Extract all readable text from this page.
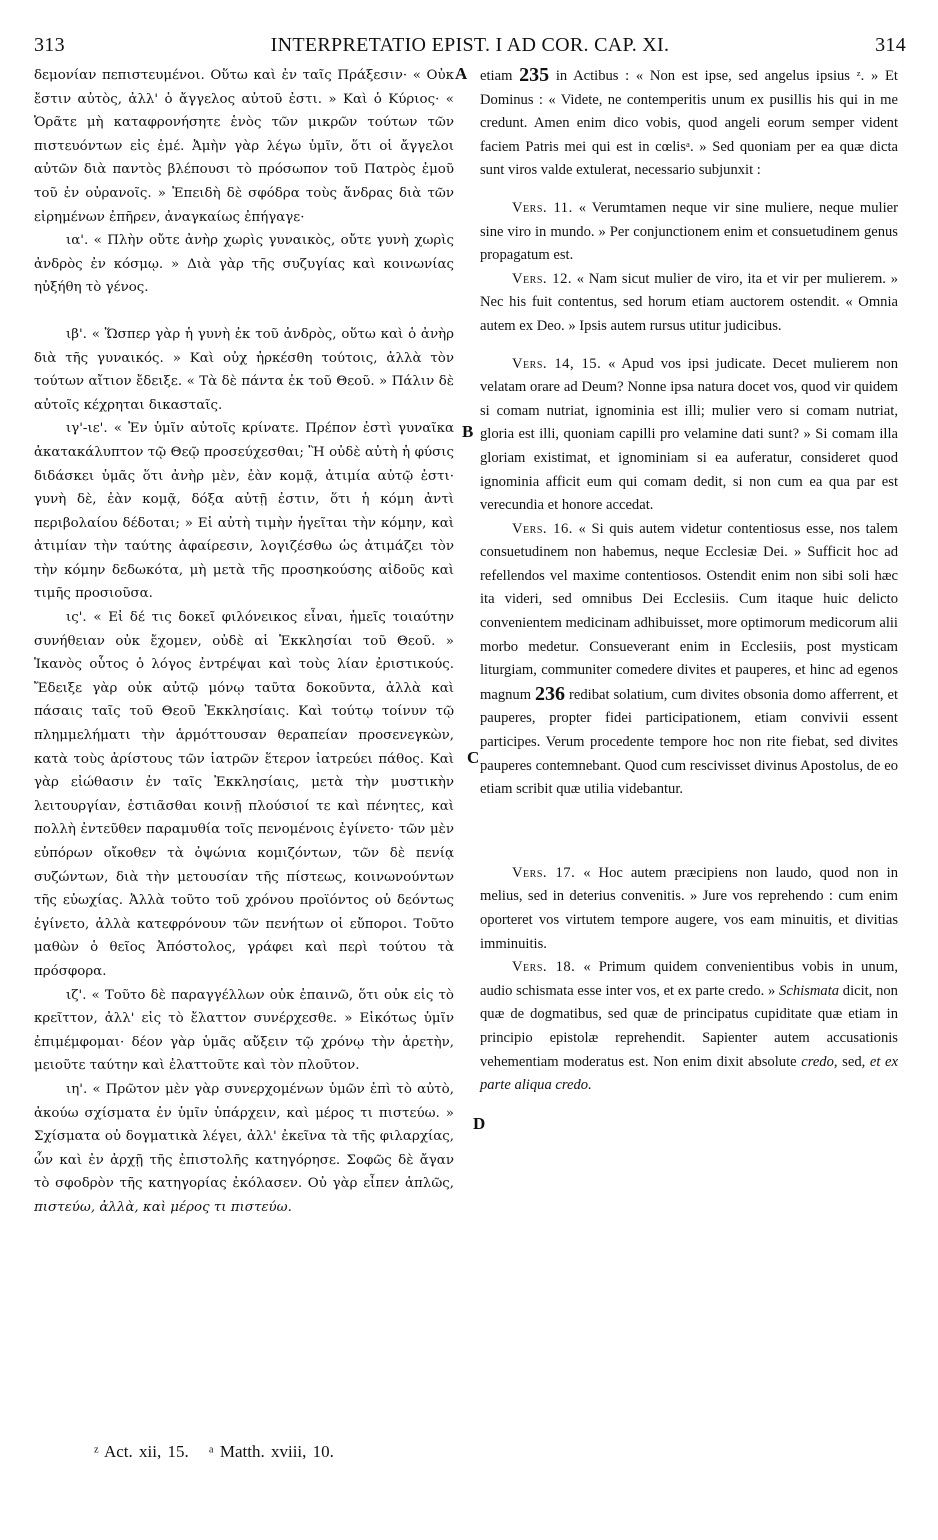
313	INTERPRETATIO EPIST. I AD COR. CAP. XI.	314

δεμονίαν πεπιστευμένοι. Οὕτω καὶ ἐν ταῖς Πράξεσιν· « Οὐκ ἔστιν αὐτὸς, ἀλλ' ὁ ἄγγελος αὐτοῦ ἐστι. » Καὶ ὁ Κύριος· « Ὁρᾶτε μὴ καταφρονήσητε ἑνὸς τῶν μικρῶν τούτων τῶν πιστευόντων εἰς ἐμέ. Ἀμὴν γὰρ λέγω ὑμῖν, ὅτι οἱ ἄγγελοι αὐτῶν διὰ παντὸς βλέπουσι τὸ πρόσωπον τοῦ Πατρὸς ἐμοῦ τοῦ ἐν οὐρανοῖς. » Ἐπειδὴ δὲ σφόδρα τοὺς ἄνδρας διὰ τῶν εἰρημένων ἐπῆρεν, ἀναγκαίως ἐπήγαγε·

ια'. « Πλὴν οὔτε ἀνὴρ χωρὶς γυναικὸς, οὔτε γυνὴ χωρὶς ἀνδρὸς ἐν κόσμῳ. » Διὰ γὰρ τῆς συζυγίας καὶ κοινωνίας ηὐξήθη τὸ γένος.

ιβ'. « Ὥσπερ γὰρ ἡ γυνὴ ἐκ τοῦ ἀνδρὸς, οὕτω καὶ ὁ ἀνὴρ διὰ τῆς γυναικός. » Καὶ οὐχ ἠρκέσθη τούτοις, ἀλλὰ τὸν τούτων αἴτιον ἔδειξε. « Τὰ δὲ πάντα ἐκ τοῦ Θεοῦ. » Πάλιν δὲ αὐτοῖς κέχρηται δικασταῖς.

ιγ'-ιε'. « Ἐν ὑμῖν αὐτοῖς κρίνατε. Πρέπον ἐστὶ γυναῖκα ἀκατακάλυπτον τῷ Θεῷ προσεύχεσθαι; Ἢ οὐδὲ αὐτὴ ἡ φύσις διδάσκει ὑμᾶς ὅτι ἀνὴρ μὲν, ἐὰν κομᾷ, ἀτιμία αὐτῷ ἐστι· γυνὴ δὲ, ἐὰν κομᾷ, δόξα αὐτῇ ἐστιν, ὅτι ἡ κόμη ἀντὶ περιβολαίου δέδοται; » Εἰ αὐτὴ τιμὴν ἡγεῖται τὴν κόμην, καὶ ἀτιμίαν τὴν ταύτης ἀφαίρεσιν, λογιζέσθω ὡς ἀτιμάζει τὸν τὴν κόμην δεδωκότα, μὴ μετὰ τῆς προσηκούσης αἰδοῦς καὶ τιμῆς προσιοῦσα.

ις'. « Εἰ δέ τις δοκεῖ φιλόνεικος εἶναι, ἡμεῖς τοιαύτην συνήθειαν οὐκ ἔχομεν, οὐδὲ αἱ Ἐκκλησίαι τοῦ Θεοῦ. » Ἱκανὸς οὗτος ὁ λόγος ἐντρέψαι καὶ τοὺς λίαν ἐριστικούς. Ἔδειξε γὰρ οὐκ αὐτῷ μόνῳ ταῦτα δοκοῦντα, ἀλλὰ καὶ πάσαις ταῖς τοῦ Θεοῦ Ἐκκλησίαις. Καὶ τούτῳ τοίνυν τῷ πλημμελήματι τὴν ἁρμόττουσαν θεραπείαν προσενεγκὼν, κατὰ τοὺς ἀρίστους τῶν ἰατρῶν ἕτερον ἰατρεύει πάθος. Καὶ γὰρ εἰώθασιν ἐν ταῖς Ἐκκλησίαις, μετὰ τὴν μυστικὴν λειτουργίαν, ἑστιᾶσθαι κοινῇ πλούσιοί τε καὶ πένητες, καὶ πολλὴ ἐντεῦθεν παραμυθία τοῖς πενομένοις ἐγίνετο· τῶν μὲν εὐπόρων οἴκοθεν τὰ ὀψώνια κομιζόντων, τῶν δὲ πενίᾳ συζώντων, διὰ τὴν μετουσίαν τῆς πίστεως, κοινωνούντων τῆς εὐωχίας. Ἀλλὰ τοῦτο τοῦ χρόνου προϊόντος οὐ δεόντως ἐγίνετο, ἀλλὰ κατεφρόνουν τῶν πενήτων οἱ εὔποροι. Τοῦτο μαθὼν ὁ θεῖος Ἀπόστολος, γράφει καὶ περὶ τούτου τὰ πρόσφορα.

ιζ'. « Τοῦτο δὲ παραγγέλλων οὐκ ἐπαινῶ, ὅτι οὐκ εἰς τὸ κρεῖττον, ἀλλ' εἰς τὸ ἔλαττον συνέρχεσθε. » Εἰκότως ὑμῖν ἐπιμέμφομαι· δέον γὰρ ὑμᾶς αὔξειν τῷ χρόνῳ τὴν ἀρετὴν, μειοῦτε ταύτην καὶ ἐλαττοῦτε καὶ τὸν πλοῦτον.

ιη'. « Πρῶτον μὲν γὰρ συνερχομένων ὑμῶν ἐπὶ τὸ αὐτὸ, ἀκούω σχίσματα ἐν ὑμῖν ὑπάρχειν, καὶ μέρος τι πιστεύω. » Σχίσματα οὐ δογματικὰ λέγει, ἀλλ' ἐκεῖνα τὰ τῆς φιλαρχίας, ὧν καὶ ἐν ἀρχῇ τῆς ἐπιστολῆς κατηγόρησε. Σοφῶς δὲ ἄγαν τὸ σφοδρὸν τῆς κατηγορίας ἐκόλασεν. Οὐ γὰρ εἶπεν ἁπλῶς, πιστεύω, ἀλλὰ, καὶ μέρος τι πιστεύω.

A
B
C
D

etiam 235 in Actibus : « Non est ipse, sed angelus ipsius ᶻ. » Et Dominus : « Videte, ne contemperitis unum ex pusillis his qui in me credunt. Amen enim dico vobis, quod angeli eorum semper vident faciem Patris mei qui est in cœlisᵃ. » Sed quoniam per ea quæ dicta sunt viros valde extulerat, necessario subjunxit :

Vers. 11. « Verumtamen neque vir sine muliere, neque mulier sine viro in mundo. » Per conjunctionem enim et consuetudinem genus propagatum est.

Vers. 12. « Nam sicut mulier de viro, ita et vir per mulierem. » Nec his fuit contentus, sed horum etiam auctorem ostendit. « Omnia autem ex Deo. » Ipsis autem rursus utitur judicibus.

Vers. 14, 15. « Apud vos ipsi judicate. Decet mulierem non velatam orare ad Deum? Nonne ipsa natura docet vos, quod vir quidem si comam nutriat, ignominia est illi; mulier vero si comam nutriat, gloria est illi, quoniam capilli pro velamine dati sunt? » Si comam illa gloriam existimat, et ignominiam si ea auferatur, consideret quod ignominia afficit eum qui comam dedit, si non cum ea qua par est verecundia et honore accedat.

Vers. 16. « Si quis autem videtur contentiosus esse, nos talem consuetudinem non habemus, neque Ecclesiæ Dei. » Sufficit hoc ad refellendos vel maxime contentiosos. Ostendit enim non sibi soli hæc ita videri, sed omnibus Dei Ecclesiis. Cum itaque huic delicto convenientem medicinam adhibuisset, more optimorum medicorum alii morbo medetur. Consueverant enim in Ecclesiis, post mysticam liturgiam, communiter comedere divites et pauperes, et hinc ad egenos magnum 236 redibat solatium, cum divites obsonia domo afferrent, et pauperes, propter fidei participationem, etiam convivii essent participes. Verum procedente tempore hoc non rite fiebat, sed divites pauperes contemnebant. Quod cum rescivisset divinus Apostolus, de eo etiam scribit quæ utilia videbantur.

Vers. 17. « Hoc autem præcipiens non laudo, quod non in melius, sed in deterius convenitis. » Jure vos reprehendo : cum enim oporteret vos virtutem tempore augere, vos eam minuitis, et divitias imminuitis.

Vers. 18. « Primum quidem convenientibus vobis in unum, audio schismata esse inter vos, et ex parte credo. » Schismata dicit, non quæ de dogmatibus, sed quæ de principatus cupiditate quæ etiam in principio epistolæ reprehendit. Sapienter autem accusationis vehementiam moderatus est. Non enim dixit absolute credo, sed, et ex parte aliqua credo.

ᶻ Act. xii, 15. ᵃ Matth. xviii, 10.
